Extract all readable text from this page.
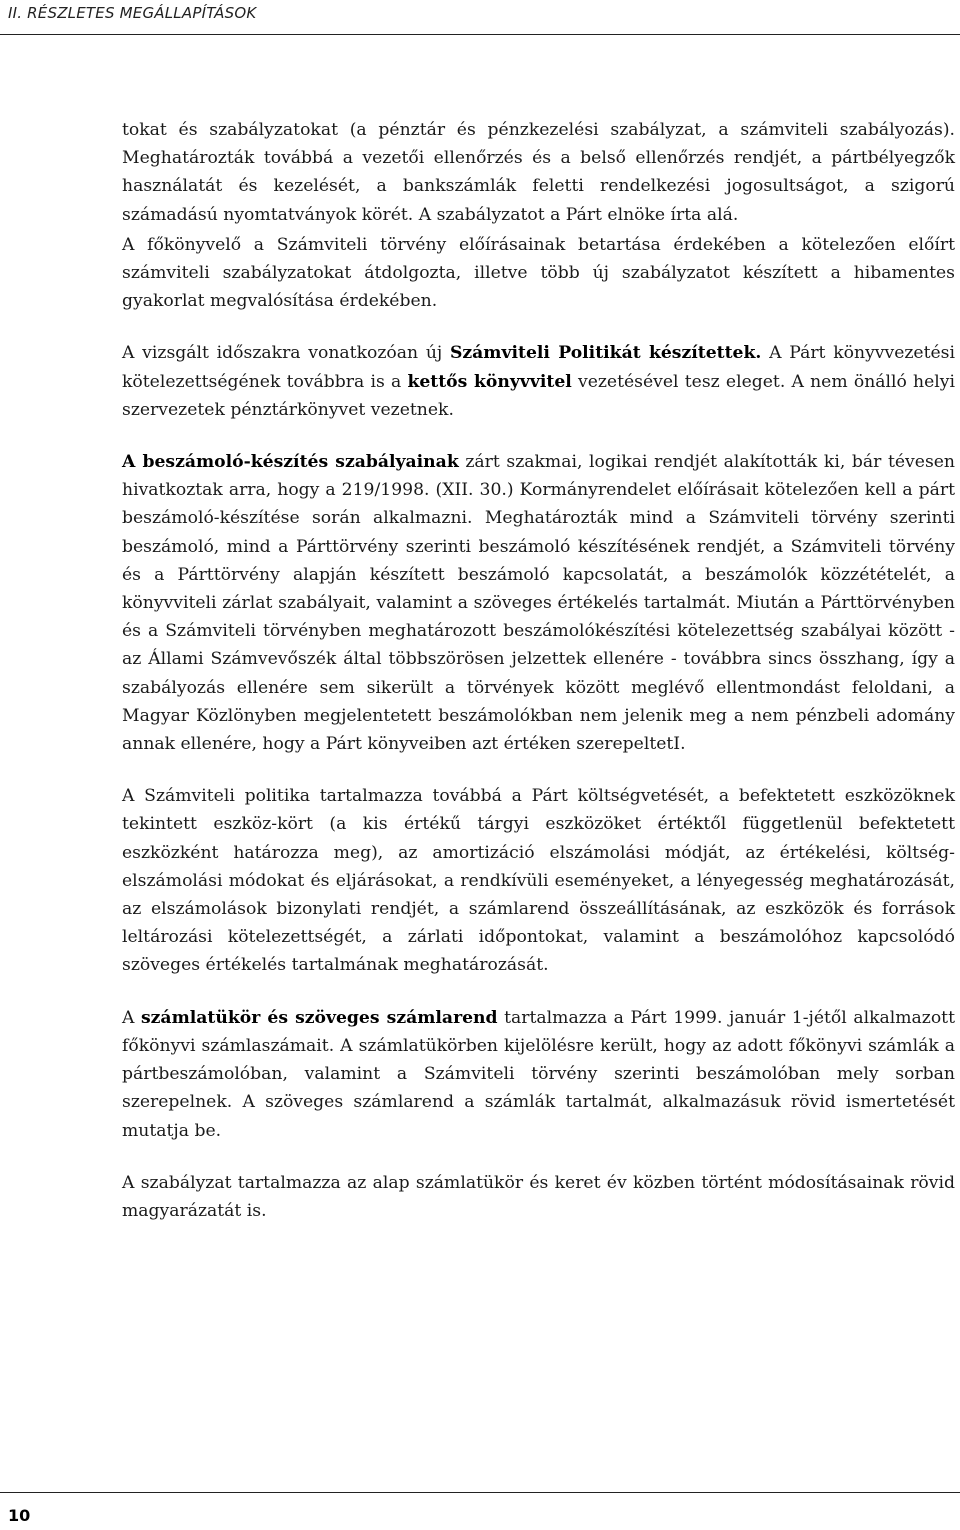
II. RÉSZLETES MEGÁLLAPÍTÁSOK

tokat és szabályzatokat (a pénztár és pénzkezelési szabályzat, a számviteli szabályozás). Meghatározták továbbá a vezetői ellenőrzés és a belső ellenőrzés rendjét, a pártbélyegzők használatát és kezelését, a bankszámlák feletti rendelkezési jogosultságot, a szigorú számadású nyomtatványok körét. A szabályzatot a Párt elnöke írta alá.

A főkönyvelő a Számviteli törvény előírásainak betartása érdekében a kötelezően előírt számviteli szabályzatokat átdolgozta, illetve több új szabályzatot készített a hibamentes gyakorlat megvalósítása érdekében.

A vizsgált időszakra vonatkozóan új Számviteli Politikát készítettek. A Párt könyvvezetési kötelezettségének továbbra is a kettős könyvvitel vezetésével tesz eleget. A nem önálló helyi szervezetek pénztárkönyvet vezetnek.

A beszámoló-készítés szabályainak zárt szakmai, logikai rendjét alakították ki, bár tévesen hivatkoztak arra, hogy a 219/1998. (XII. 30.) Kormányrendelet előírásait kötelezően kell a párt beszámoló-készítése során alkalmazni. Meghatározták mind a Számviteli törvény szerinti beszámoló, mind a Párttörvény szerinti beszámoló készítésének rendjét, a Számviteli törvény és a Párttörvény alapján készített beszámoló kapcsolatát, a beszámolók közzétételét, a könyvviteli zárlat szabályait, valamint a szöveges értékelés tartalmát. Miután a Párttörvényben és a Számviteli törvényben meghatározott beszámolókészítési kötelezettség szabályai között - az Állami Számvevőszék által többszörösen jelzettek ellenére - továbbra sincs összhang, így a szabályozás ellenére sem sikerült a törvények között meglévő ellentmondást feloldani, a Magyar Közlönyben megjelentetett beszámolókban nem jelenik meg a nem pénzbeli adomány annak ellenére, hogy a Párt könyveiben azt értéken szerepeltetI.

A Számviteli politika tartalmazza továbbá a Párt költségvetését, a befektetett eszközöknek tekintett eszköz-kört (a kis értékű tárgyi eszközöket értéktől függetlenül befektetett eszközként határozza meg), az amortizáció elszámolási módját, az értékelési, költség-elszámolási módokat és eljárásokat, a rendkívüli eseményeket, a lényegesség meghatározását, az elszámolások bizonylati rendjét, a számlarend összeállításának, az eszközök és források leltározási kötelezettségét, a zárlati időpontokat, valamint a beszámolóhoz kapcsolódó szöveges értékelés tartalmának meghatározását.

A számlatükör és szöveges számlarend tartalmazza a Párt 1999. január 1-jétől alkalmazott főkönyvi számlaszámait. A számlatükörben kijelölésre került, hogy az adott főkönyvi számlák a pártbeszámolóban, valamint a Számviteli törvény szerinti beszámolóban mely sorban szerepelnek. A szöveges számlarend a számlák tartalmát, alkalmazásuk rövid ismertetését mutatja be.

A szabályzat tartalmazza az alap számlatükör és keret év közben történt módosításainak rövid magyarázatát is.

10
